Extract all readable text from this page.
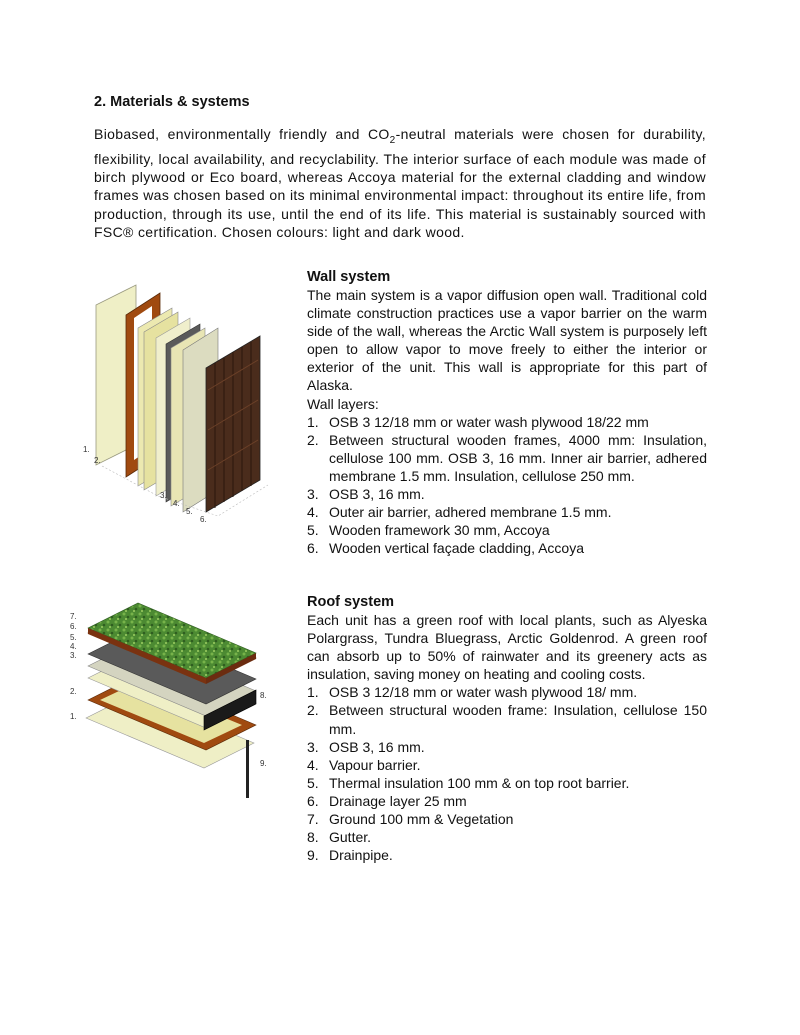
2. Materials & systems
Biobased, environmentally friendly and $CO_2$-neutral materials were chosen for durability, flexibility, local availability, and recyclability. The interior surface of each module was made of birch plywood or Eco board, whereas Accoya material for the external cladding and window frames was chosen based on its minimal environmental impact: throughout its entire life, from production, through its use, until the end of its life. This material is sustainably sourced with FSC® certification. Chosen colours: light and dark wood.
1.
2.
3.
4.
5.
6.
Wall system

The main system is a vapor diffusion open wall. Traditional cold climate construction practices use a vapor barrier on the warm side of the wall, whereas the Arctic Wall system is purposely left open to allow vapor to move freely to either the interior or exterior of the unit. This wall is appropriate for this part of Alaska.

Wall layers:
1. OSB 3 12/18 mm or water wash plywood 18/22 mm
2. Between structural wooden frames, 4000 mm: Insulation, cellulose 100 mm. OSB 3, 16 mm. Inner air barrier, adhered membrane 1.5 mm. Insulation, cellulose 250 mm.
3. OSB 3, 16 mm.
4. Outer air barrier, adhered membrane 1.5 mm.
5. Wooden framework 30 mm, Accoya
6. Wooden vertical façade cladding, Accoya
7.
6.
5.
4.
3.
2.
1.
8.
9.
Roof system

Each unit has a green roof with local plants, such as Alyeska Polargrass, Tundra Bluegrass, Arctic Goldenrod. A green roof can absorb up to 50% of rainwater and its greenery acts as insulation, saving money on heating and cooling costs.

1. OSB 3 12/18 mm or water wash plywood 18/ mm.
2. Between structural wooden frame: Insulation, cellulose 150 mm.
3. OSB 3, 16 mm.
4. Vapour barrier.
5. Thermal insulation 100 mm & on top root barrier.
6. Drainage layer 25 mm
7. Ground 100 mm & Vegetation
8. Gutter.
9. Drainpipe.
